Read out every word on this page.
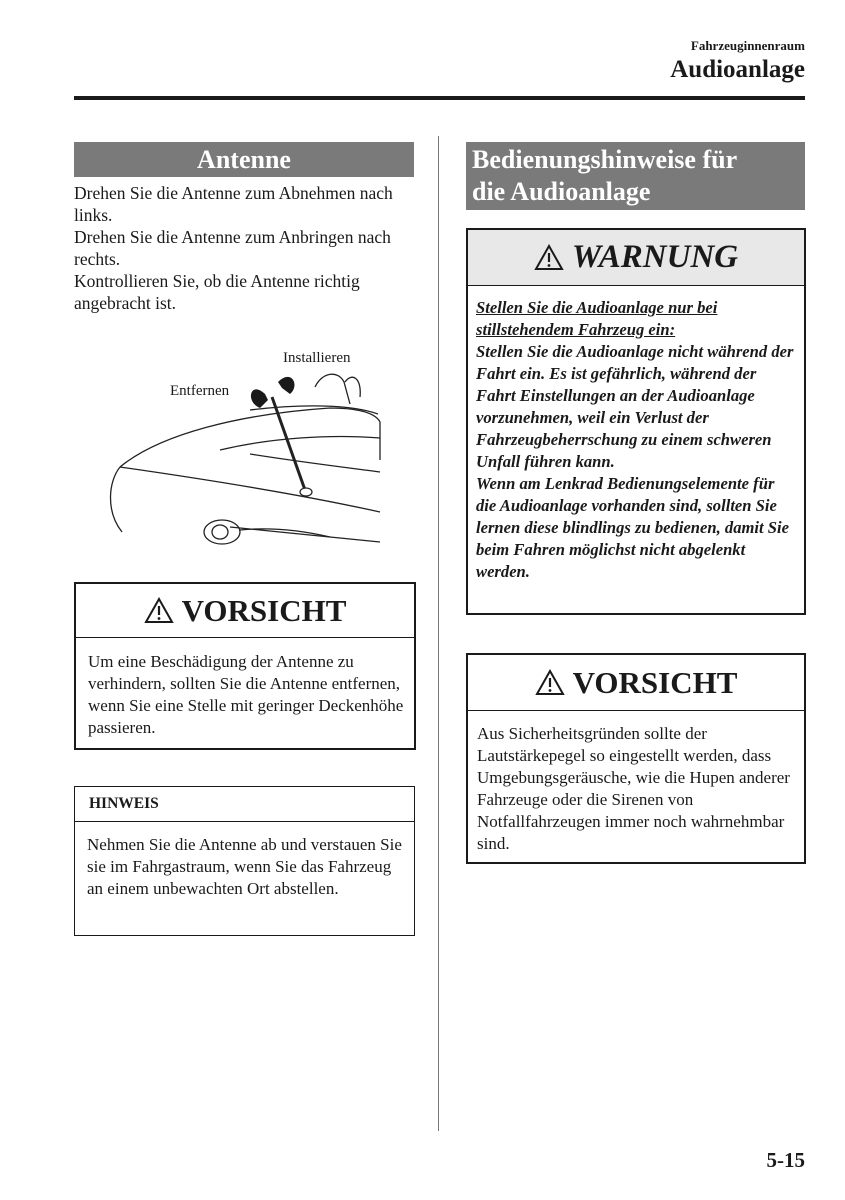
Fahrzeuginnenraum
Audioanlage
Antenne

Drehen Sie die Antenne zum Abnehmen nach links.

Drehen Sie die Antenne zum Anbringen nach rechts.

Kontrollieren Sie, ob die Antenne richtig angebracht ist.

Installieren
Entfernen
VORSICHT
Um eine Beschädigung der Antenne zu verhindern, sollten Sie die Antenne entfernen, wenn Sie eine Stelle mit geringer Deckenhöhe passieren.
HINWEIS
Nehmen Sie die Antenne ab und verstauen Sie sie im Fahrgastraum, wenn Sie das Fahrzeug an einem unbewachten Ort abstellen.
Bedienungshinweise für
die Audioanlage
WARNUNG

Stellen Sie die Audioanlage nur bei stillstehendem Fahrzeug ein:

Stellen Sie die Audioanlage nicht während der Fahrt ein. Es ist gefährlich, während der Fahrt Einstellungen an der Audioanlage vorzunehmen, weil ein Verlust der Fahrzeugbeherrschung zu einem schweren Unfall führen kann.

Wenn am Lenkrad Bedienungselemente für die Audioanlage vorhanden sind, sollten Sie lernen diese blindlings zu bedienen, damit Sie beim Fahren möglichst nicht abgelenkt werden.

VORSICHT
Aus Sicherheitsgründen sollte der Lautstärkepegel so eingestellt werden, dass Umgebungsgeräusche, wie die Hupen anderer Fahrzeuge oder die Sirenen von Notfallfahrzeugen immer noch wahrnehmbar sind.
5-15
